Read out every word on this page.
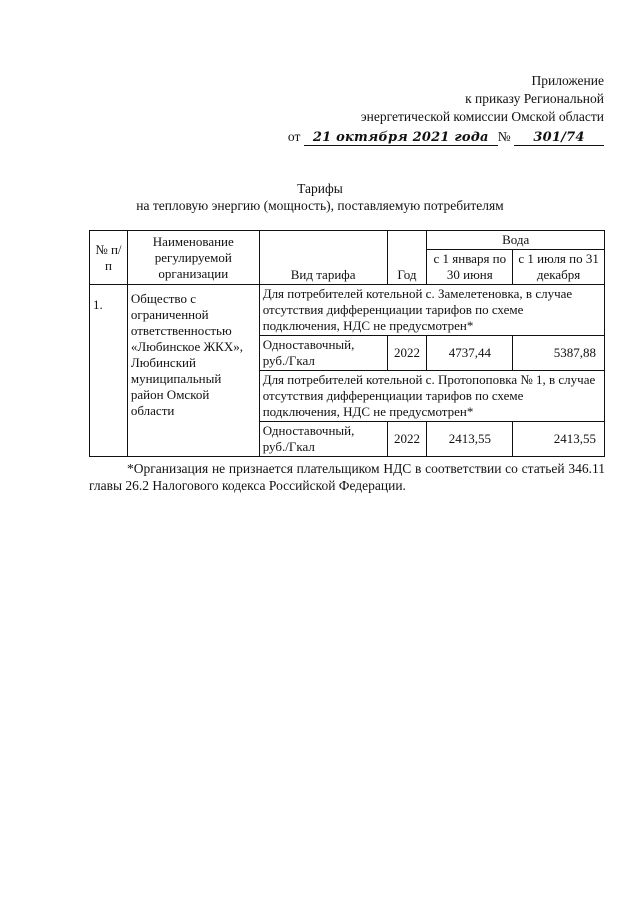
Приложение
к приказу Региональной
энергетической комиссии Омской области
от 21 октября 2021 года № 301/74
Тарифы
на тепловую энергию (мощность), поставляемую потребителям
№ п/п	Наименование регулируемой организации	Вид тарифа	Год	Вода	
				с 1 января по 30 июня	с 1 июля по 31 декабря
1.	Общество с ограниченной ответственностью «Любинское ЖКХ», Любинский муниципальный район Омской области	Для потребителей котельной с. Замелетеновка, в случае отсутствия дифференциации тарифов по схеме подключения, НДС не предусмотрен*			
		Одноставочный, руб./Гкал	2022	4737,44	5387,88
		Для потребителей котельной с. Протопоповка № 1, в случае отсутствия дифференциации тарифов по схеме подключения, НДС не предусмотрен*			
		Одноставочный, руб./Гкал	2022	2413,55	2413,55
*Организация не признается плательщиком НДС в соответствии со статьей 346.11 главы 26.2 Налогового кодекса Российской Федерации.
